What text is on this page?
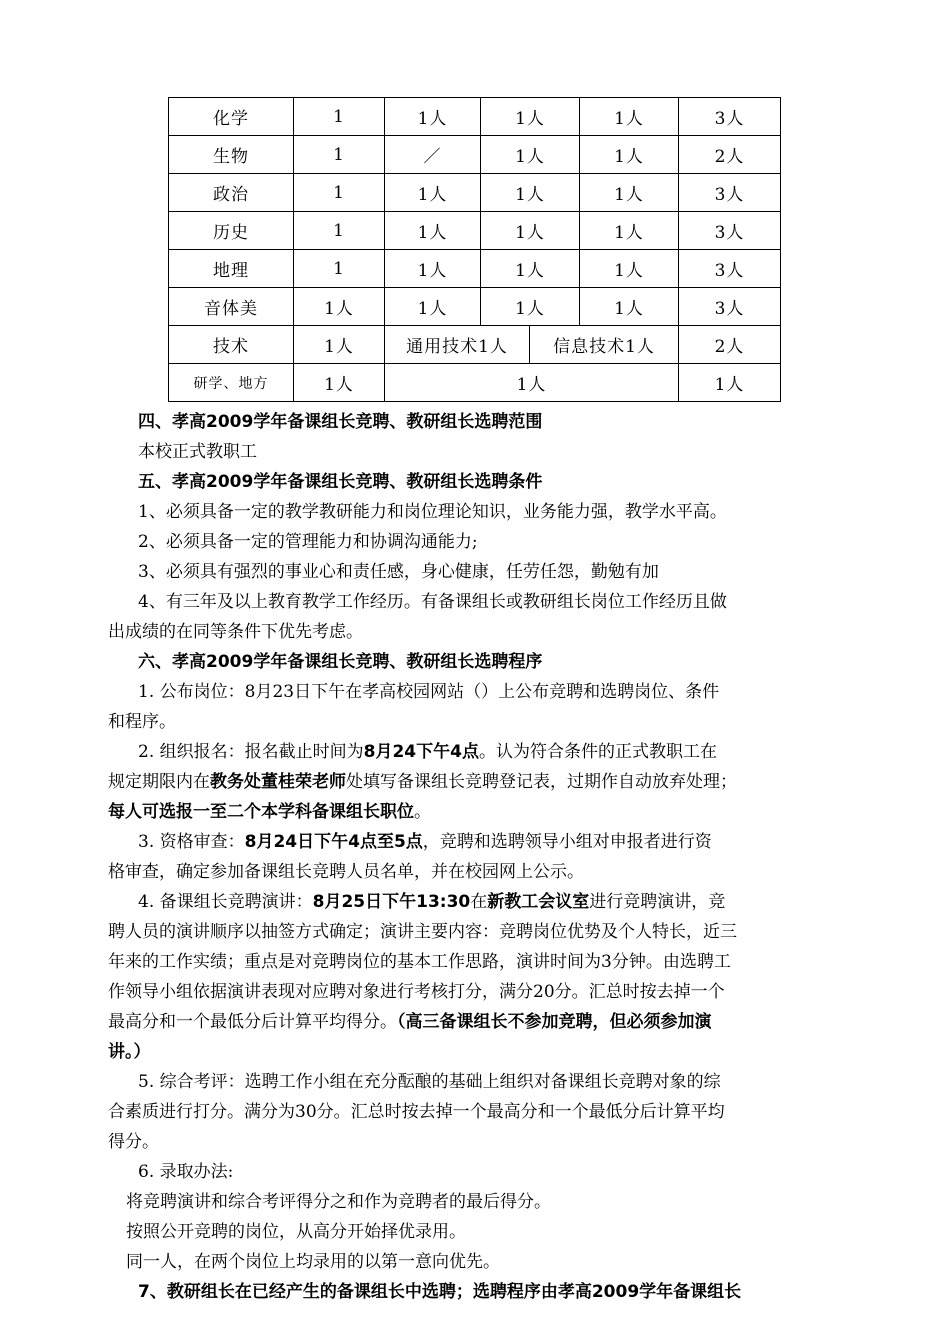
化学	1	1人	1人		1人	3人
生物	1	／	1人		1人	2人
政治	1	1人	1人		1人	3人
历史	1	1人	1人		1人	3人
地理	1	1人	1人		1人	3人
音体美	1人	1人	1人		1人	3人
技术	1人	通用技术1人		信息技术1人		2人
研学、地方	1人	1人				1人
四、孝高2009学年备课组长竞聘、教研组长选聘范围
本校正式教职工
五、孝高2009学年备课组长竞聘、教研组长选聘条件
1、必须具备一定的教学教研能力和岗位理论知识，业务能力强，教学水平高。
2、必须具备一定的管理能力和协调沟通能力;
3、必须具有强烈的事业心和责任感，身心健康，任劳任怨，勤勉有加
4、有三年及以上教育教学工作经历。有备课组长或教研组长岗位工作经历且做
出成绩的在同等条件下优先考虑。
六、孝高2009学年备课组长竞聘、教研组长选聘程序
1. 公布岗位：8月23日下午在孝高校园网站（）上公布竞聘和选聘岗位、条件
和程序。
2. 组织报名：报名截止时间为8月24下午4点。认为符合条件的正式教职工在
规定期限内在教务处董桂荣老师处填写备课组长竞聘登记表，过期作自动放弃处理；
每人可选报一至二个本学科备课组长职位。
3. 资格审查：8月24日下午4点至5点，竞聘和选聘领导小组对申报者进行资
格审查，确定参加备课组长竞聘人员名单，并在校园网上公示。
4. 备课组长竞聘演讲：8月25日下午13:30在新教工会议室进行竞聘演讲，竞
聘人员的演讲顺序以抽签方式确定；演讲主要内容：竞聘岗位优势及个人特长，近三
年来的工作实绩；重点是对竞聘岗位的基本工作思路，演讲时间为3分钟。由选聘工
作领导小组依据演讲表现对应聘对象进行考核打分，满分20分。汇总时按去掉一个
最高分和一个最低分后计算平均得分。（高三备课组长不参加竞聘，但必须参加演
讲。）
5. 综合考评：选聘工作小组在充分酝酿的基础上组织对备课组长竞聘对象的综
合素质进行打分。满分为30分。汇总时按去掉一个最高分和一个最低分后计算平均
得分。
6. 录取办法:
将竞聘演讲和综合考评得分之和作为竞聘者的最后得分。
按照公开竞聘的岗位，从高分开始择优录用。
同一人，在两个岗位上均录用的以第一意向优先。
7、教研组长在已经产生的备课组长中选聘；选聘程序由孝高2009学年备课组长
